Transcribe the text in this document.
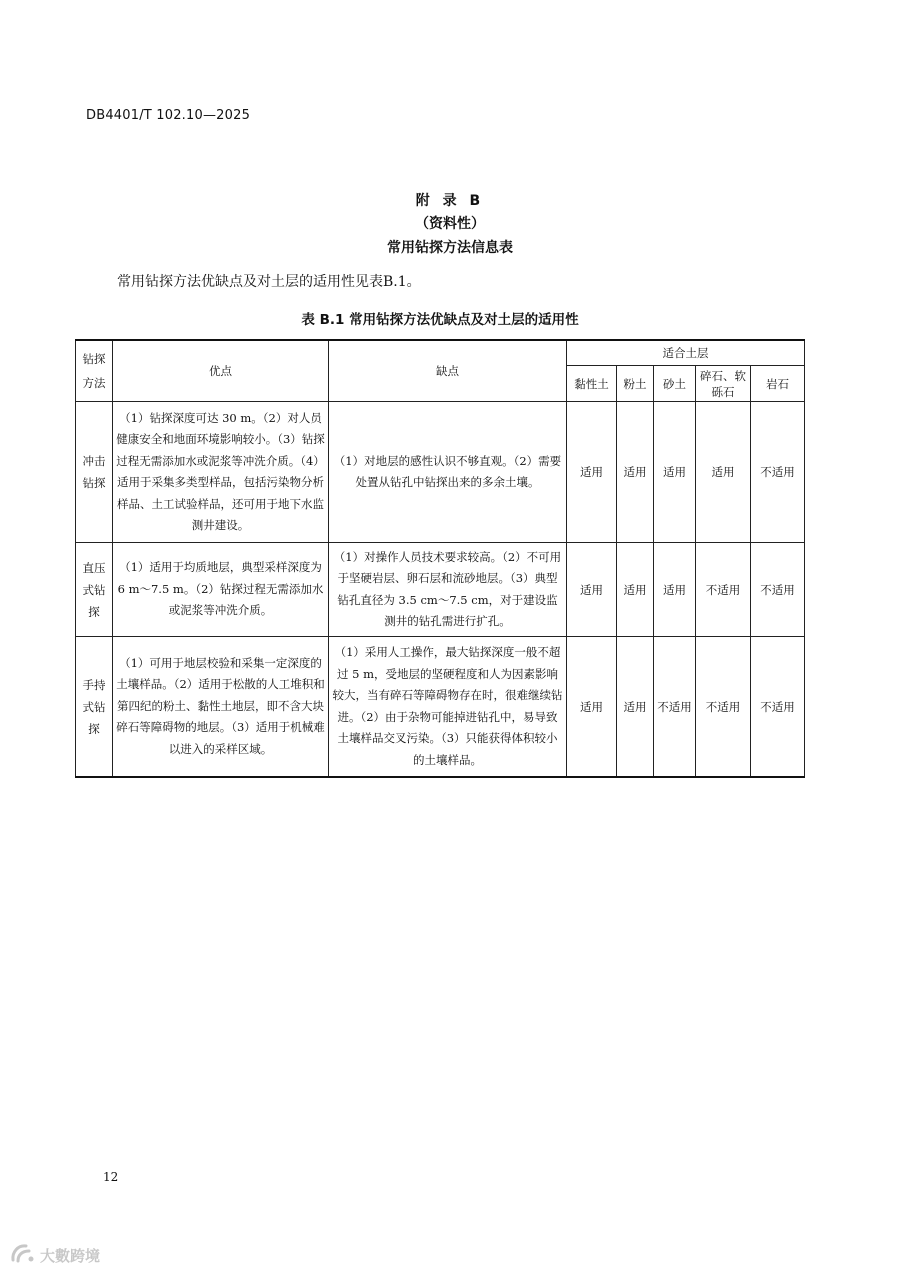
DB4401/T 102.10—2025
附 录 B
（资料性）
常用钻探方法信息表
常用钻探方法优缺点及对土层的适用性见表B.1。
表 B.1 常用钻探方法优缺点及对土层的适用性
钻探方法	优点	缺点	适合土层				
			黏性土	粉土	砂土	碎石、软砾石	岩石
冲击钻探	（1）钻探深度可达 30 m。（2）对人员健康安全和地面环境影响较小。（3）钻探过程无需添加水或泥浆等冲洗介质。（4）适用于采集多类型样品，包括污染物分析样品、土工试验样品，还可用于地下水监测井建设。	（1）对地层的感性认识不够直观。（2）需要处置从钻孔中钻探出来的多余土壤。	适用	适用	适用	适用	不适用
直压式钻探	（1）适用于均质地层，典型采样深度为 6 m～7.5 m。（2）钻探过程无需添加水或泥浆等冲洗介质。	（1）对操作人员技术要求较高。（2）不可用于坚硬岩层、卵石层和流砂地层。（3）典型钻孔直径为 3.5 cm～7.5 cm，对于建设监测井的钻孔需进行扩孔。	适用	适用	适用	不适用	不适用
手持式钻探	（1）可用于地层校验和采集一定深度的土壤样品。（2）适用于松散的人工堆积和第四纪的粉土、黏性土地层，即不含大块碎石等障碍物的地层。（3）适用于机械难以进入的采样区域。	（1）采用人工操作，最大钻探深度一般不超过 5 m，受地层的坚硬程度和人为因素影响较大，当有碎石等障碍物存在时，很难继续钻进。（2）由于杂物可能掉进钻孔中，易导致土壤样品交叉污染。（3）只能获得体积较小的土壤样品。	适用	适用	不适用	不适用	不适用
12
大數跨境
